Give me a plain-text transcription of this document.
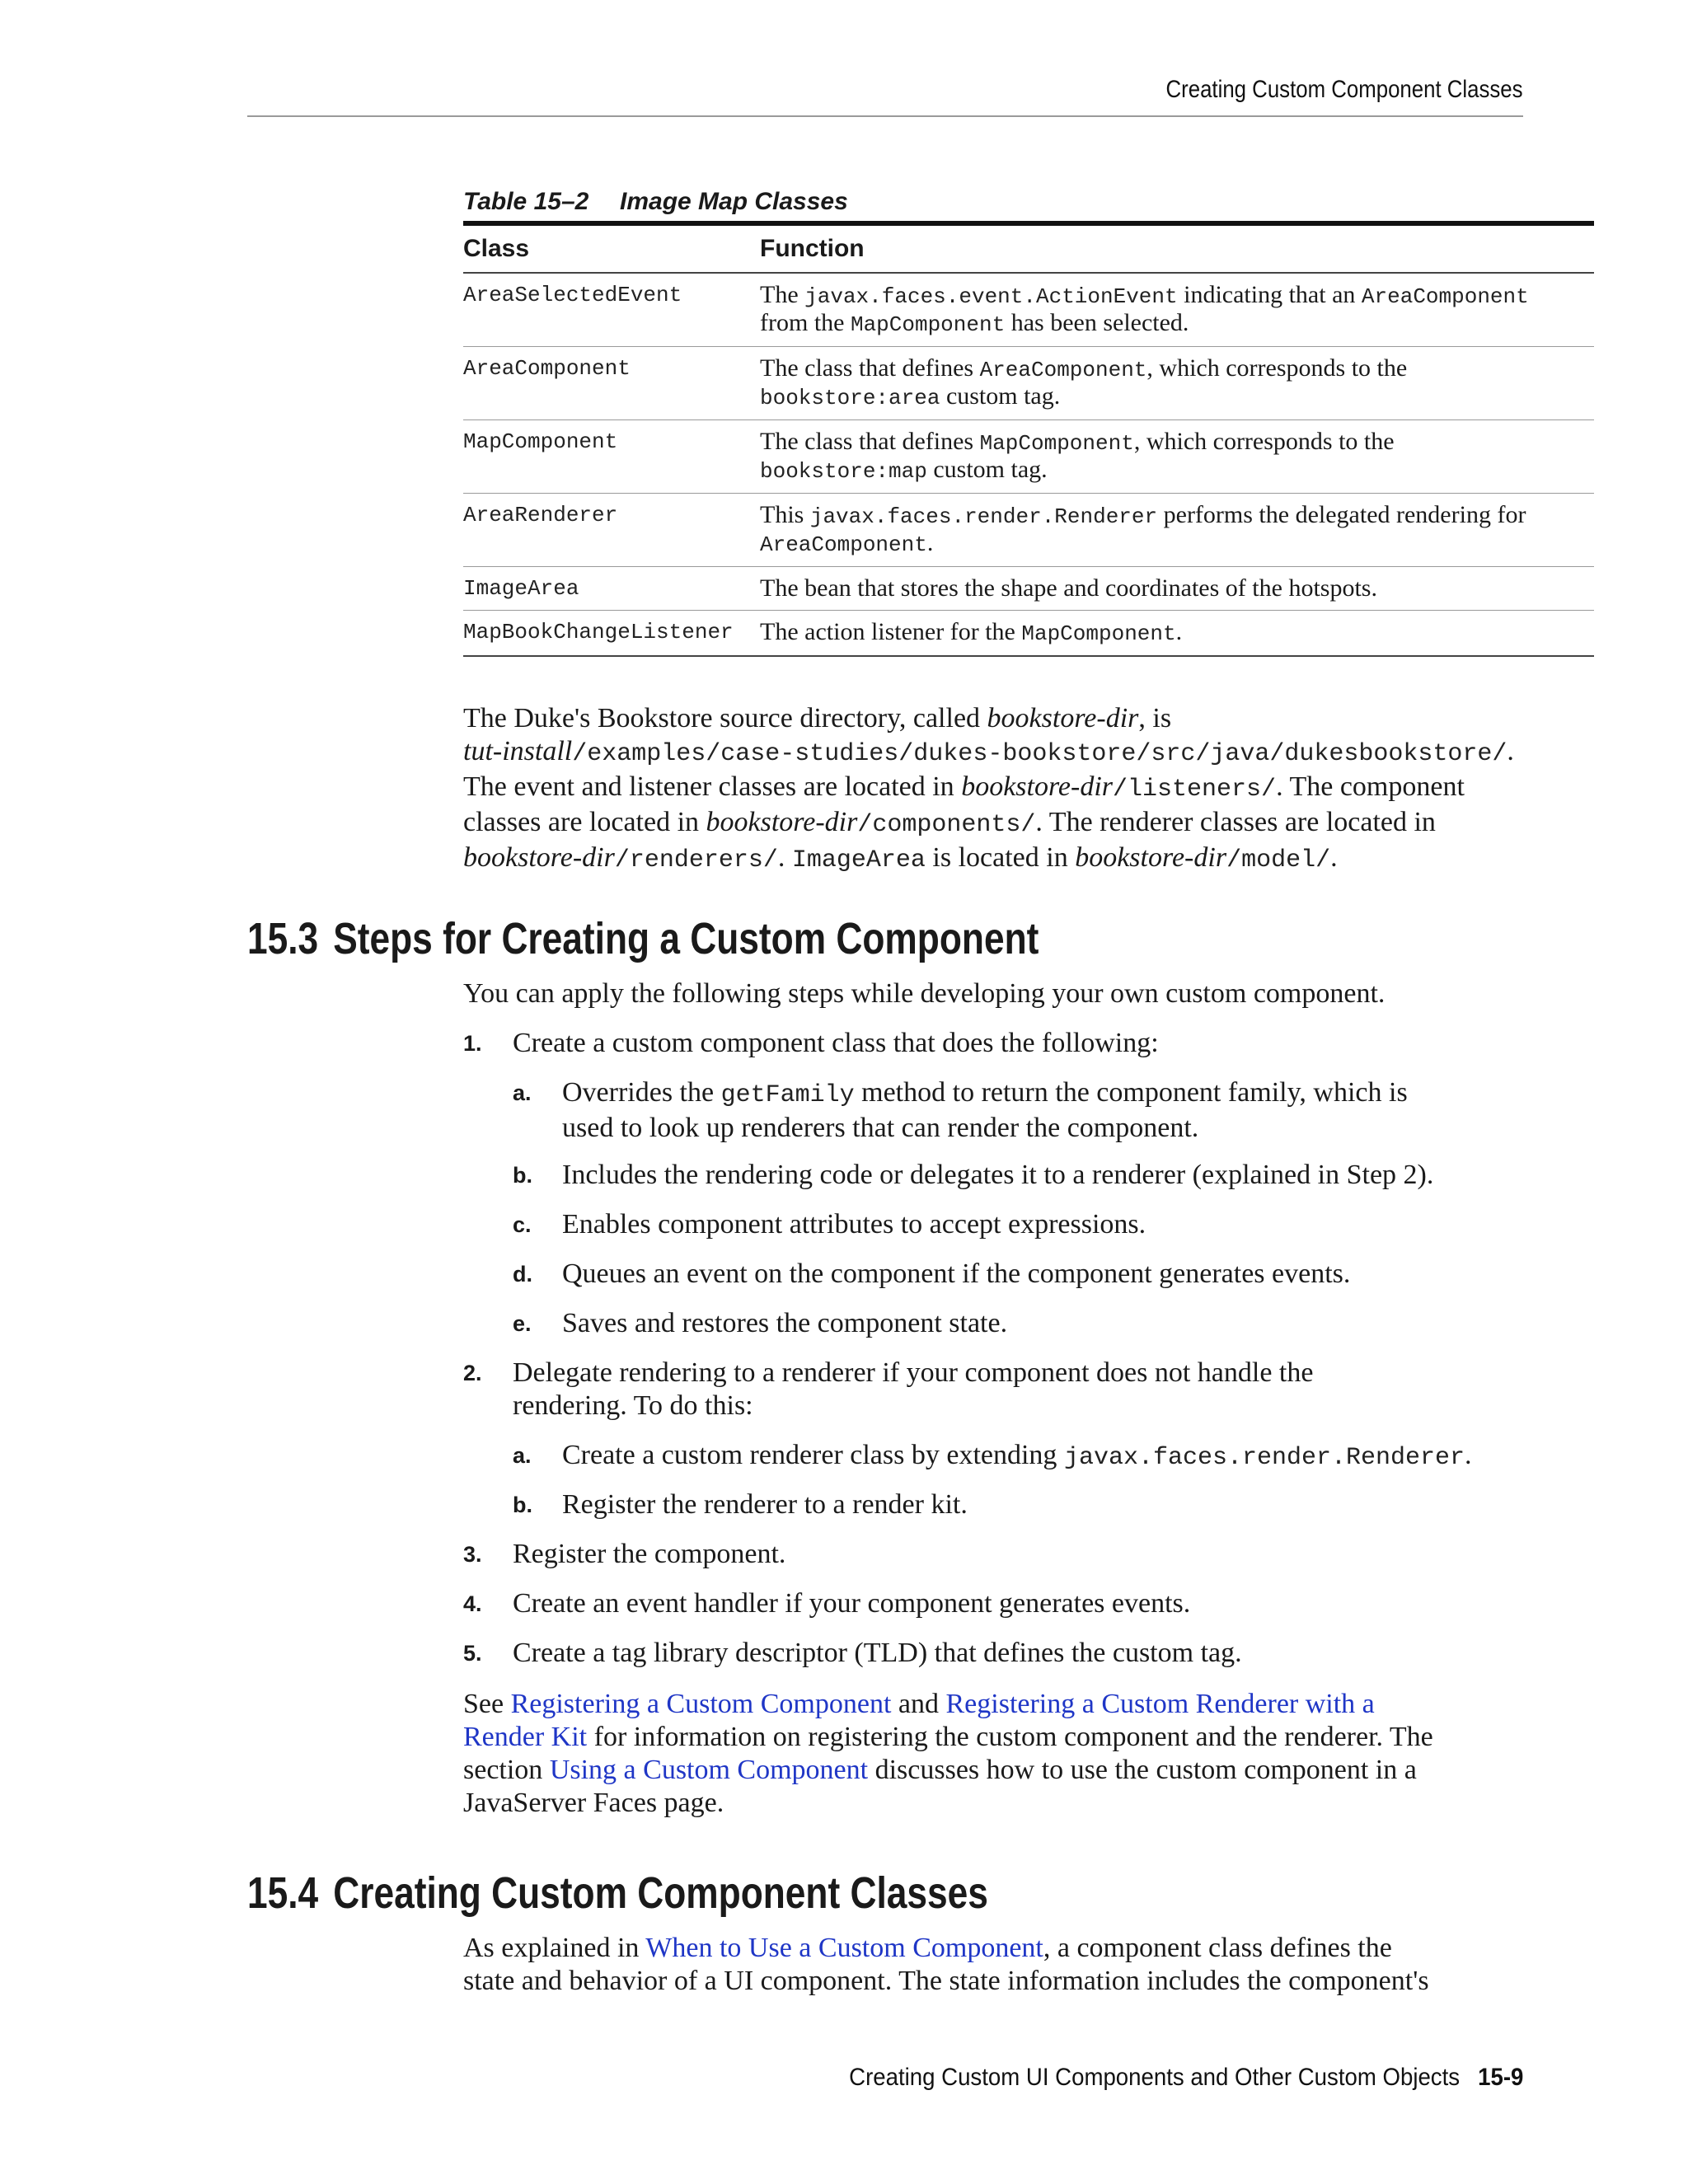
Creating Custom Component Classes
Table 15–2 Image Map Classes
Class	Function
AreaSelectedEvent	The javax.faces.event.ActionEvent indicating that an AreaComponent
from the MapComponent has been selected.
AreaComponent	The class that defines AreaComponent, which corresponds to the
bookstore:area custom tag.
MapComponent	The class that defines MapComponent, which corresponds to the
bookstore:map custom tag.
AreaRenderer	This javax.faces.render.Renderer performs the delegated rendering for
AreaComponent.
ImageArea	The bean that stores the shape and coordinates of the hotspots.
MapBookChangeListener	The action listener for the MapComponent.
The Duke's Bookstore source directory, called bookstore-dir, is
tut-install/examples/case-studies/dukes-bookstore/src/java/dukesbookstore/.
The event and listener classes are located in bookstore-dir/listeners/. The component
classes are located in bookstore-dir/components/. The renderer classes are located in
bookstore-dir/renderers/. ImageArea is located in bookstore-dir/model/.
15.3 Steps for Creating a Custom Component
You can apply the following steps while developing your own custom component.
1. Create a custom component class that does the following:
a. Overrides the getFamily method to return the component family, which is
used to look up renderers that can render the component.
b. Includes the rendering code or delegates it to a renderer (explained in Step 2).
c. Enables component attributes to accept expressions.
d. Queues an event on the component if the component generates events.
e. Saves and restores the component state.
2. Delegate rendering to a renderer if your component does not handle the
rendering. To do this:
a. Create a custom renderer class by extending javax.faces.render.Renderer.
b. Register the renderer to a render kit.
3. Register the component.
4. Create an event handler if your component generates events.
5. Create a tag library descriptor (TLD) that defines the custom tag.
See Registering a Custom Component and Registering a Custom Renderer with a
Render Kit for information on registering the custom component and the renderer. The
section Using a Custom Component discusses how to use the custom component in a
JavaServer Faces page.
15.4 Creating Custom Component Classes
As explained in When to Use a Custom Component, a component class defines the
state and behavior of a UI component. The state information includes the component's
Creating Custom UI Components and Other Custom Objects 15-9
